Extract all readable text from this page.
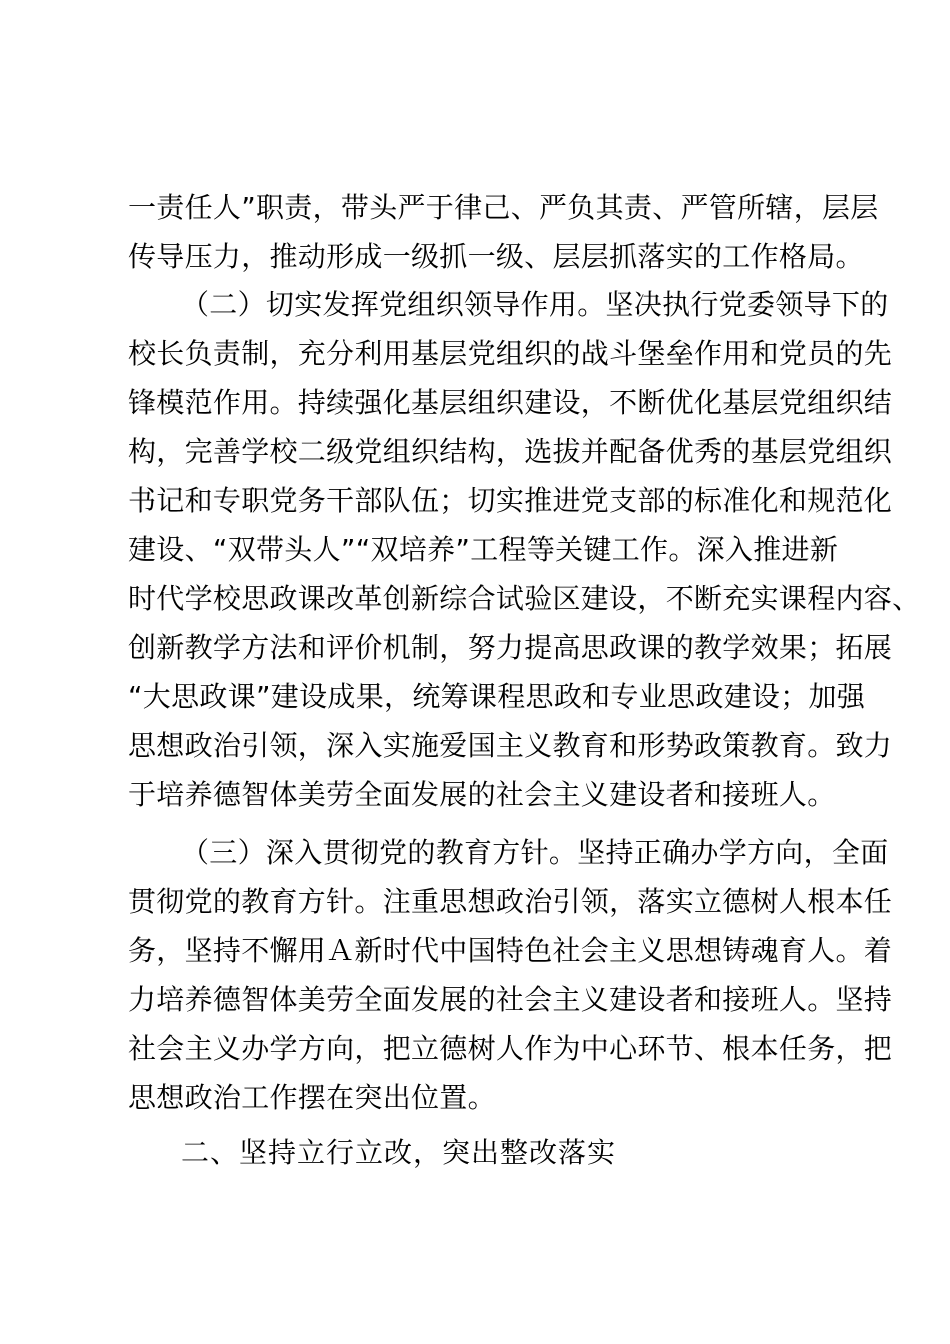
一责任人”职责，带头严于律己、严负其责、严管所辖，层层
传导压力，推动形成一级抓一级、层层抓落实的工作格局。
（二）切实发挥党组织领导作用。坚决执行党委领导下的
校长负责制，充分利用基层党组织的战斗堡垒作用和党员的先
锋模范作用。持续强化基层组织建设，不断优化基层党组织结
构，完善学校二级党组织结构，选拔并配备优秀的基层党组织
书记和专职党务干部队伍；切实推进党支部的标准化和规范化
建设、“双带头人”“双培养”工程等关键工作。深入推进新
时代学校思政课改革创新综合试验区建设，不断充实课程内容、
创新教学方法和评价机制，努力提高思政课的教学效果；拓展
“大思政课”建设成果，统筹课程思政和专业思政建设；加强
思想政治引领，深入实施爱国主义教育和形势政策教育。致力
于培养德智体美劳全面发展的社会主义建设者和接班人。
（三）深入贯彻党的教育方针。坚持正确办学方向，全面
贯彻党的教育方针。注重思想政治引领，落实立德树人根本任
务，坚持不懈用Ａ新时代中国特色社会主义思想铸魂育人。着
力培养德智体美劳全面发展的社会主义建设者和接班人。坚持
社会主义办学方向，把立德树人作为中心环节、根本任务，把
思想政治工作摆在突出位置。
二、坚持立行立改，突出整改落实
